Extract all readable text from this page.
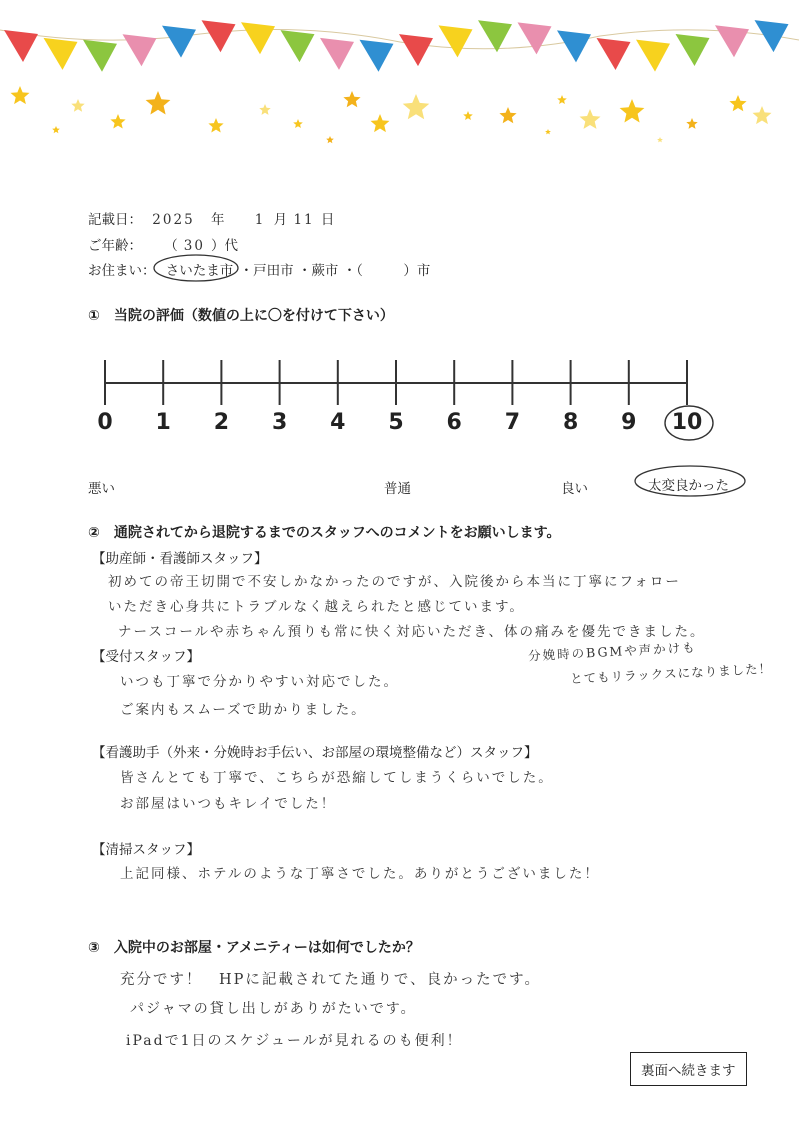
記載日： 2025 年 1 月 11 日
ご年齢： （ 30 ）代
お住まい： さいたま市 ・戸田市 ・蕨市 ・（　　　）市
①　当院の評価（数値の上に〇を付けて下さい）
0	1	2	3	4	5	6	7	8	9	10
悪い	普通	良い	太変良かった
②　通院されてから退院するまでのスタッフへのコメントをお願いします。
【助産師・看護師スタッフ】
初めての帝王切開で不安しかなかったのですが、入院後から本当に丁寧にフォロー
いただき心身共にトラブルなく越えられたと感じています。
ナースコールや赤ちゃん預りも常に快く対応いただき、体の痛みを優先できました。
【受付スタッフ】
いつも丁寧で分かりやすい対応でした。
ご案内もスムーズで助かりました。
分娩時のBGMや声かけも
とてもリラックスになりました！
【看護助手（外来・分娩時お手伝い、お部屋の環境整備など）スタッフ】
皆さんとても丁寧で、こちらが恐縮してしまうくらいでした。
お部屋はいつもキレイでした！
【清掃スタッフ】
上記同様、ホテルのような丁寧さでした。ありがとうございました！
③　入院中のお部屋・アメニティーは如何でしたか？
充分です！　HPに記載されてた通りで、良かったです。
パジャマの貸し出しがありがたいです。
iPadで1日のスケジュールが見れるのも便利！
裏面へ続きます
